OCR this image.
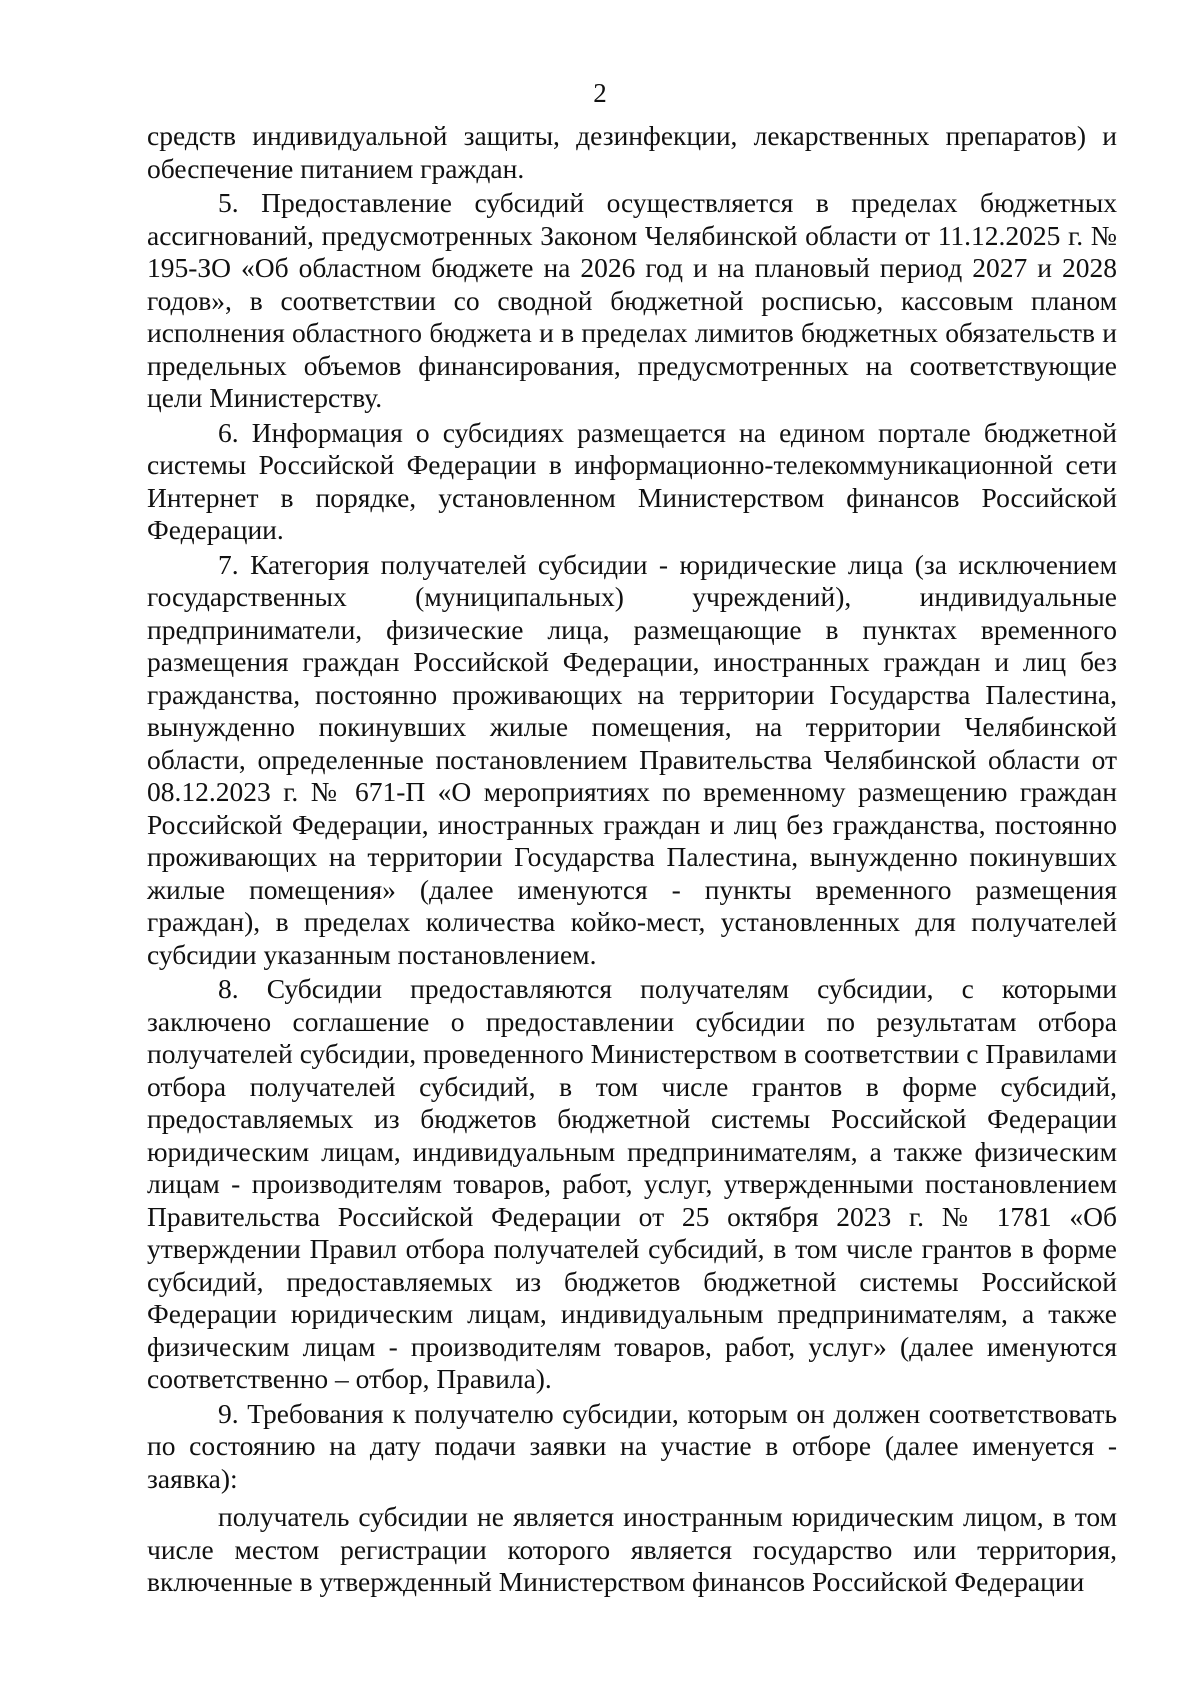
2

средств индивидуальной защиты, дезинфекции, лекарственных препаратов) и обеспечение питанием граждан.

5. Предоставление субсидий осуществляется в пределах бюджетных ассигнований, предусмотренных Законом Челябинской области от 11.12.2025 г. № 195-ЗО «Об областном бюджете на 2026 год и на плановый период 2027 и 2028 годов», в соответствии со сводной бюджетной росписью, кассовым планом исполнения областного бюджета и в пределах лимитов бюджетных обязательств и предельных объемов финансирования, предусмотренных на соответствующие цели Министерству.

6. Информация о субсидиях размещается на едином портале бюджетной системы Российской Федерации в информационно-телекоммуникационной сети Интернет в порядке, установленном Министерством финансов Российской Федерации.

7. Категория получателей субсидии - юридические лица (за исключением государственных (муниципальных) учреждений), индивидуальные предприниматели, физические лица, размещающие в пунктах временного размещения граждан Российской Федерации, иностранных граждан и лиц без гражданства, постоянно проживающих на территории Государства Палестина, вынужденно покинувших жилые помещения, на территории Челябинской области, определенные постановлением Правительства Челябинской области от 08.12.2023 г. № 671-П «О мероприятиях по временному размещению граждан Российской Федерации, иностранных граждан и лиц без гражданства, постоянно проживающих на территории Государства Палестина, вынужденно покинувших жилые помещения» (далее именуются - пункты временного размещения граждан), в пределах количества койко-мест, установленных для получателей субсидии указанным постановлением.

8. Субсидии предоставляются получателям субсидии, с которыми заключено соглашение о предоставлении субсидии по результатам отбора получателей субсидии, проведенного Министерством в соответствии с Правилами отбора получателей субсидий, в том числе грантов в форме субсидий, предоставляемых из бюджетов бюджетной системы Российской Федерации юридическим лицам, индивидуальным предпринимателям, а также физическим лицам - производителям товаров, работ, услуг, утвержденными постановлением Правительства Российской Федерации от 25 октября 2023 г. № 1781 «Об утверждении Правил отбора получателей субсидий, в том числе грантов в форме субсидий, предоставляемых из бюджетов бюджетной системы Российской Федерации юридическим лицам, индивидуальным предпринимателям, а также физическим лицам - производителям товаров, работ, услуг» (далее именуются соответственно – отбор, Правила).

9. Требования к получателю субсидии, которым он должен соответствовать по состоянию на дату подачи заявки на участие в отборе (далее именуется - заявка):

получатель субсидии не является иностранным юридическим лицом, в том числе местом регистрации которого является государство или территория, включенные в утвержденный Министерством финансов Российской Федерации
